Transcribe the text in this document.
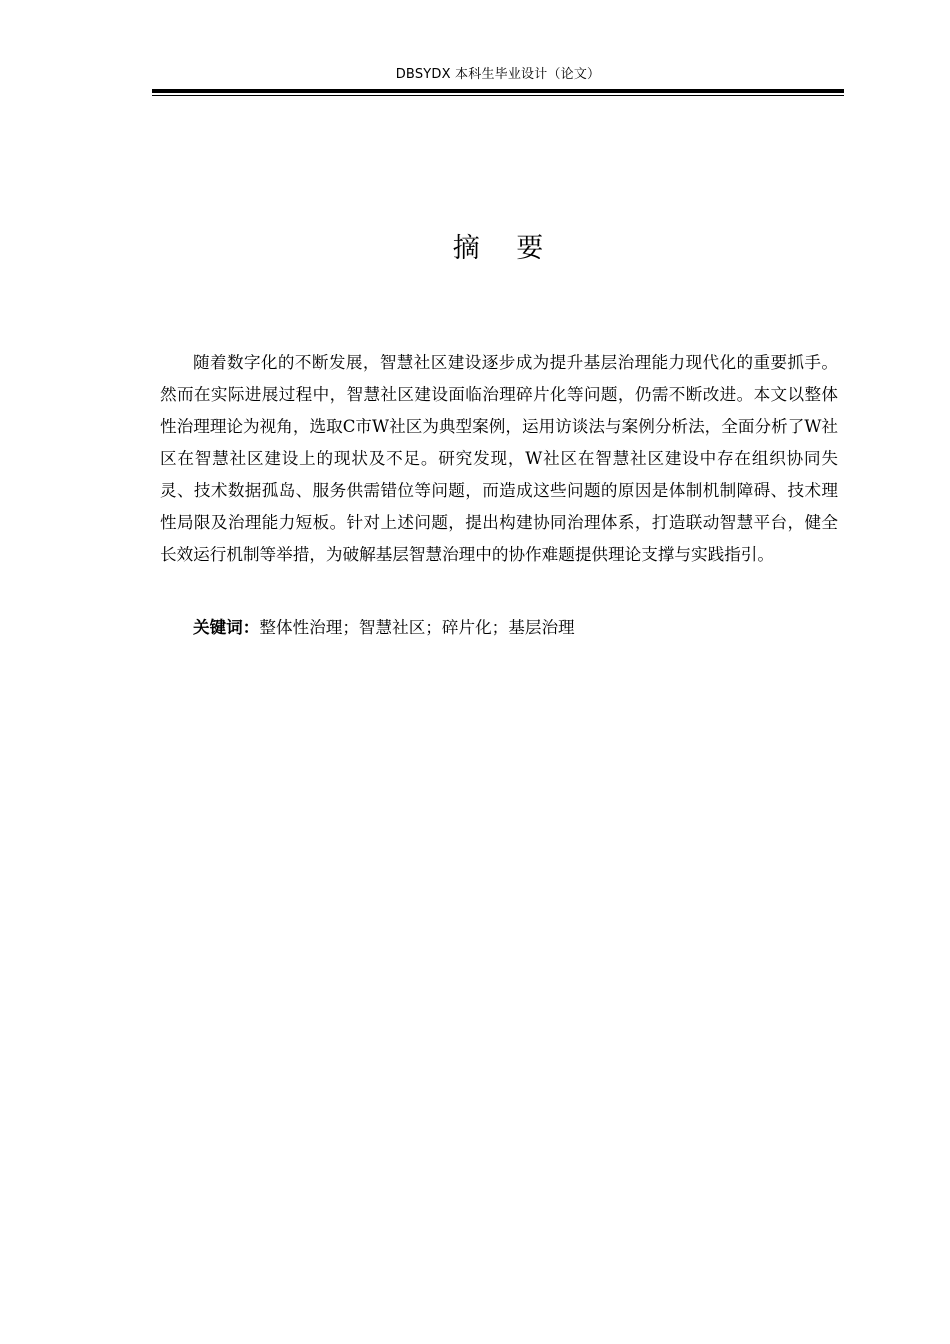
DBSYDX 本科生毕业设计（论文）
摘 要

随着数字化的不断发展，智慧社区建设逐步成为提升基层治理能力现代化的重要抓手。然而在实际进展过程中，智慧社区建设面临治理碎片化等问题，仍需不断改进。本文以整体性治理理论为视角，选取C市W社区为典型案例，运用访谈法与案例分析法，全面分析了W社区在智慧社区建设上的现状及不足。研究发现，W社区在智慧社区建设中存在组织协同失灵、技术数据孤岛、服务供需错位等问题，而造成这些问题的原因是体制机制障碍、技术理性局限及治理能力短板。针对上述问题，提出构建协同治理体系，打造联动智慧平台，健全长效运行机制等举措，为破解基层智慧治理中的协作难题提供理论支撑与实践指引。

关键词：整体性治理；智慧社区；碎片化；基层治理
